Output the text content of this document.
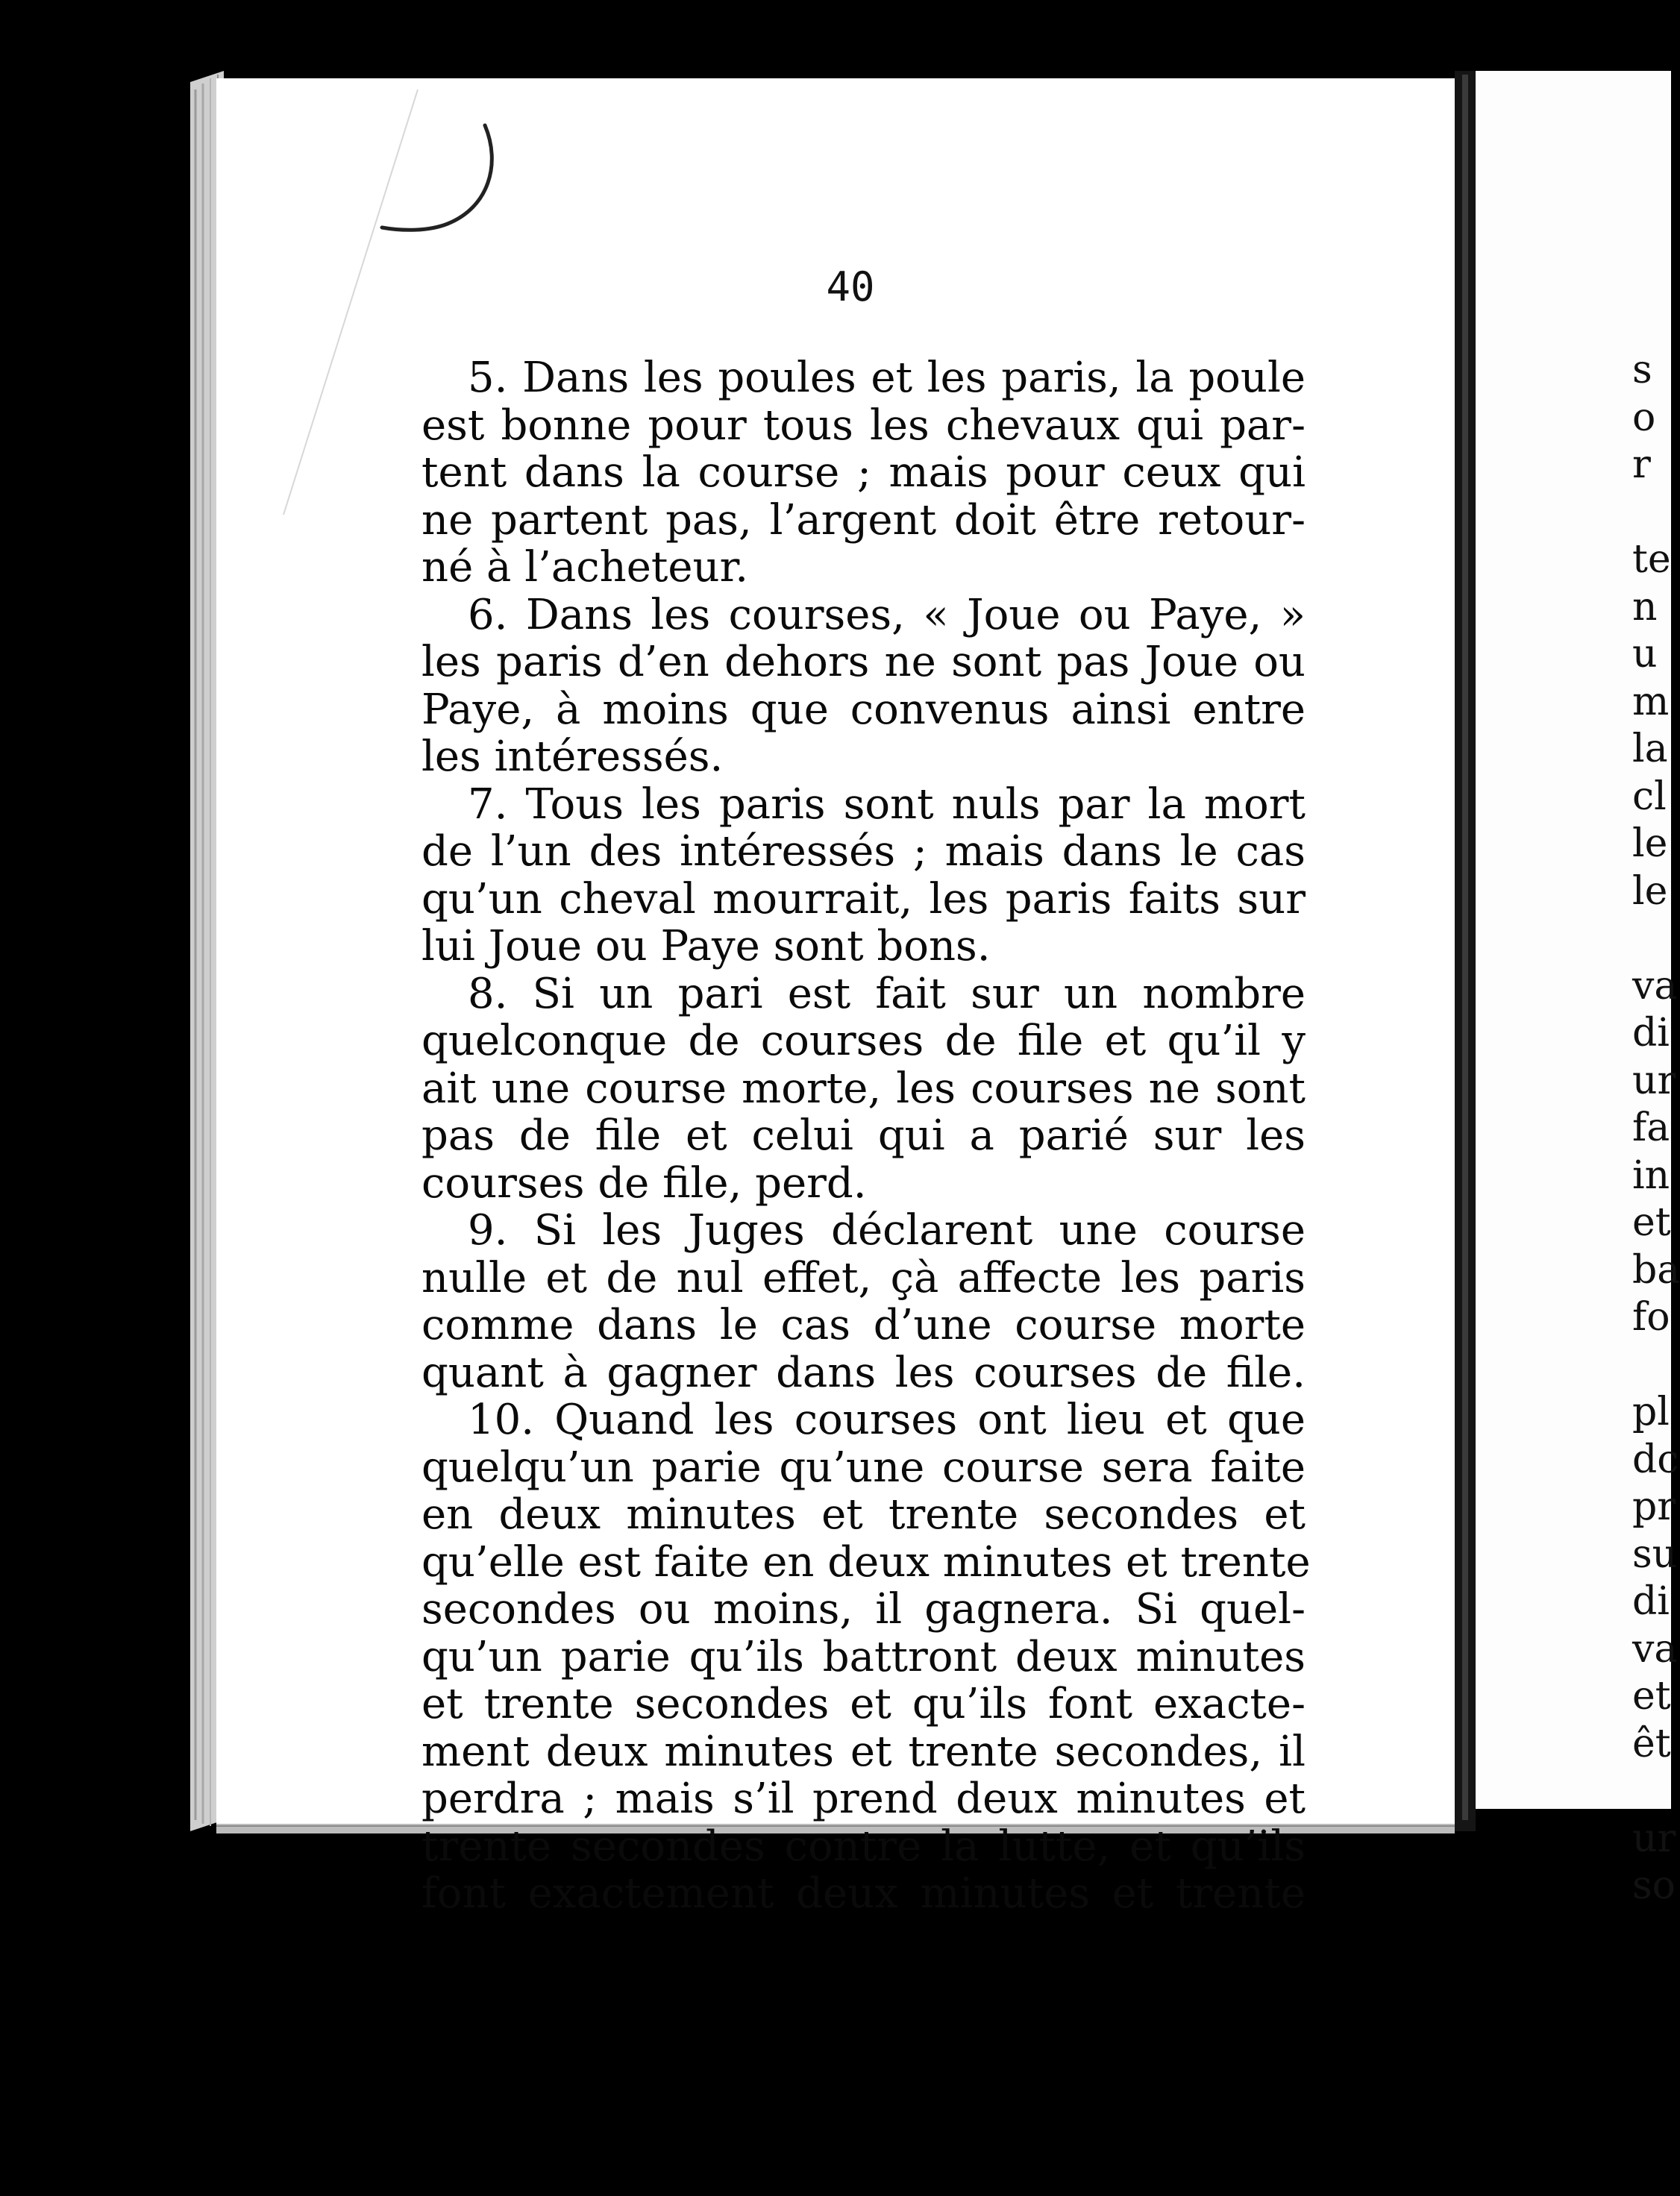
40
5. Dans les poules et les paris, la poule
est bonne pour tous les chevaux qui par-
tent dans la course ; mais pour ceux qui
ne partent pas, l’argent doit être retour-
né à l’acheteur.
6. Dans les courses, « Joue ou Paye, »
les paris d’en dehors ne sont pas Joue ou
Paye, à moins que convenus ainsi entre
les intéressés.
7. Tous les paris sont nuls par la mort
de l’un des intéressés ; mais dans le cas
qu’un cheval mourrait, les paris faits sur
lui Joue ou Paye sont bons.
8. Si un pari est fait sur un nombre
quelconque de courses de file et qu’il y
ait une course morte, les courses ne sont
pas de file et celui qui a parié sur les
courses de file, perd.
9. Si les Juges déclarent une course
nulle et de nul effet, çà affecte les paris
comme dans le cas d’une course morte
quant à gagner dans les courses de file.
10. Quand les courses ont lieu et que
quelqu’un parie qu’une course sera faite
en deux minutes et trente secondes et
qu’elle est faite en deux minutes et trente
secondes ou moins, il gagnera. Si quel-
qu’un parie qu’ils battront deux minutes
et trente secondes et qu’ils font exacte-
ment deux minutes et trente secondes, il
perdra ; mais s’il prend deux minutes et
trente secondes contre la lutte, et qu’ils
font exactement deux minutes et trente
s
o
r
te
n
u
m
la
cl
le
le
va
di
ur
fa
in
et
ba
fo
pl
dc
pr
su
di
va
et
êt
ur
so
